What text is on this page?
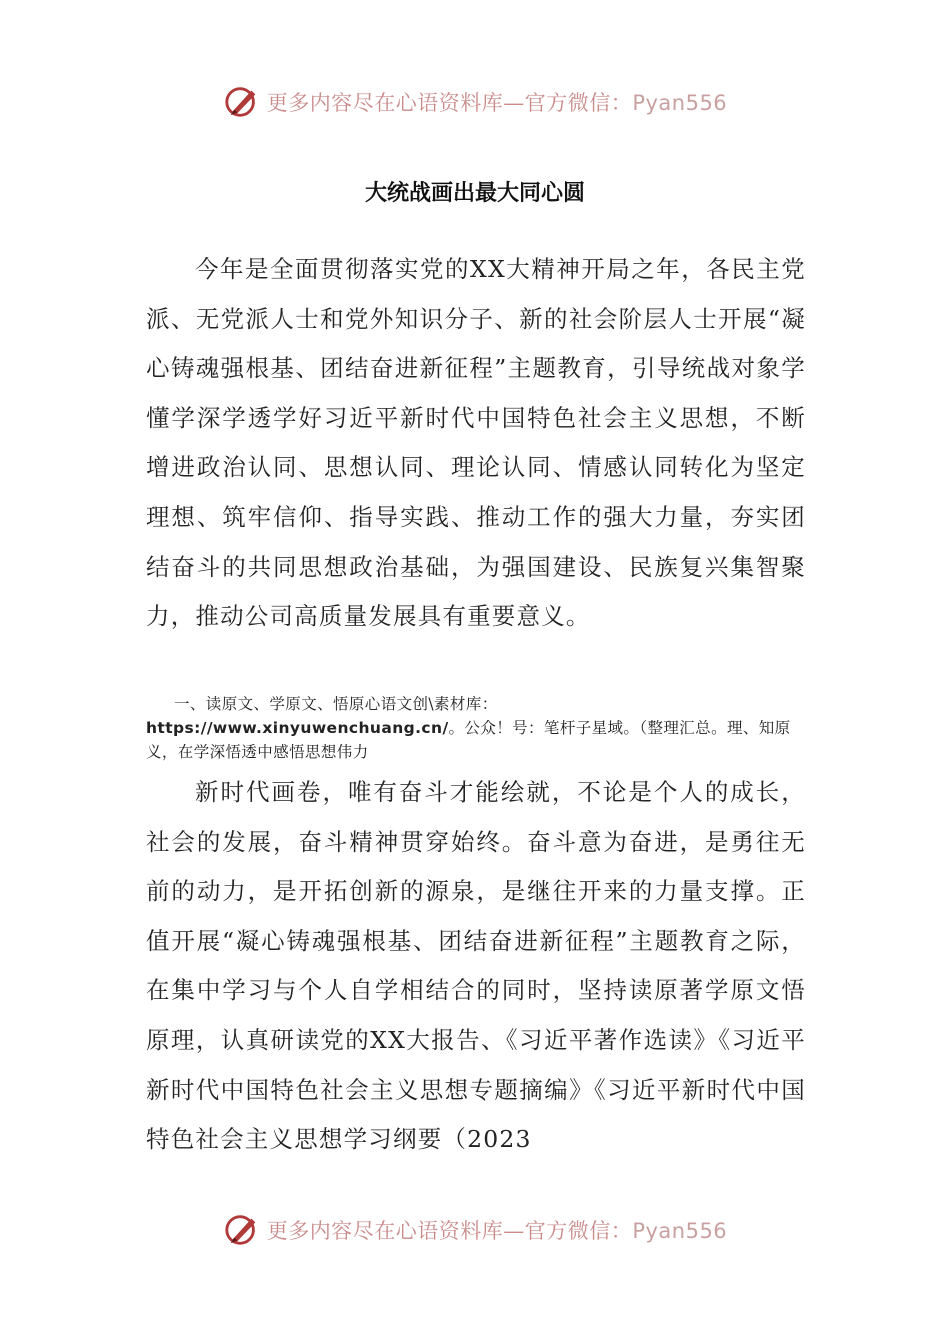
更多内容尽在心语资料库—官方微信：Pyan556
大统战画出最大同心圆
今年是全面贯彻落实党的XX大精神开局之年，各民主党派、无党派人士和党外知识分子、新的社会阶层人士开展“凝心铸魂强根基、团结奋进新征程”主题教育，引导统战对象学懂学深学透学好习近平新时代中国特色社会主义思想，不断增进政治认同、思想认同、理论认同、情感认同转化为坚定理想、筑牢信仰、指导实践、推动工作的强大力量，夯实团结奋斗的共同思想政治基础，为强国建设、民族复兴集智聚力，推动公司高质量发展具有重要意义。
一、读原文、学原文、悟原心语文创\素材库：https://www.xinyuwenchuang.cn/。公众！号：笔杆子星域。（整理汇总。理、知原义，在学深悟透中感悟思想伟力
新时代画卷，唯有奋斗才能绘就，不论是个人的成长，社会的发展，奋斗精神贯穿始终。奋斗意为奋进，是勇往无前的动力，是开拓创新的源泉，是继往开来的力量支撑。正值开展“凝心铸魂强根基、团结奋进新征程”主题教育之际，在集中学习与个人自学相结合的同时，坚持读原著学原文悟原理，认真研读党的XX大报告、《习近平著作选读》《习近平新时代中国特色社会主义思想专题摘编》《习近平新时代中国特色社会主义思想学习纲要（2023
更多内容尽在心语资料库—官方微信：Pyan556
